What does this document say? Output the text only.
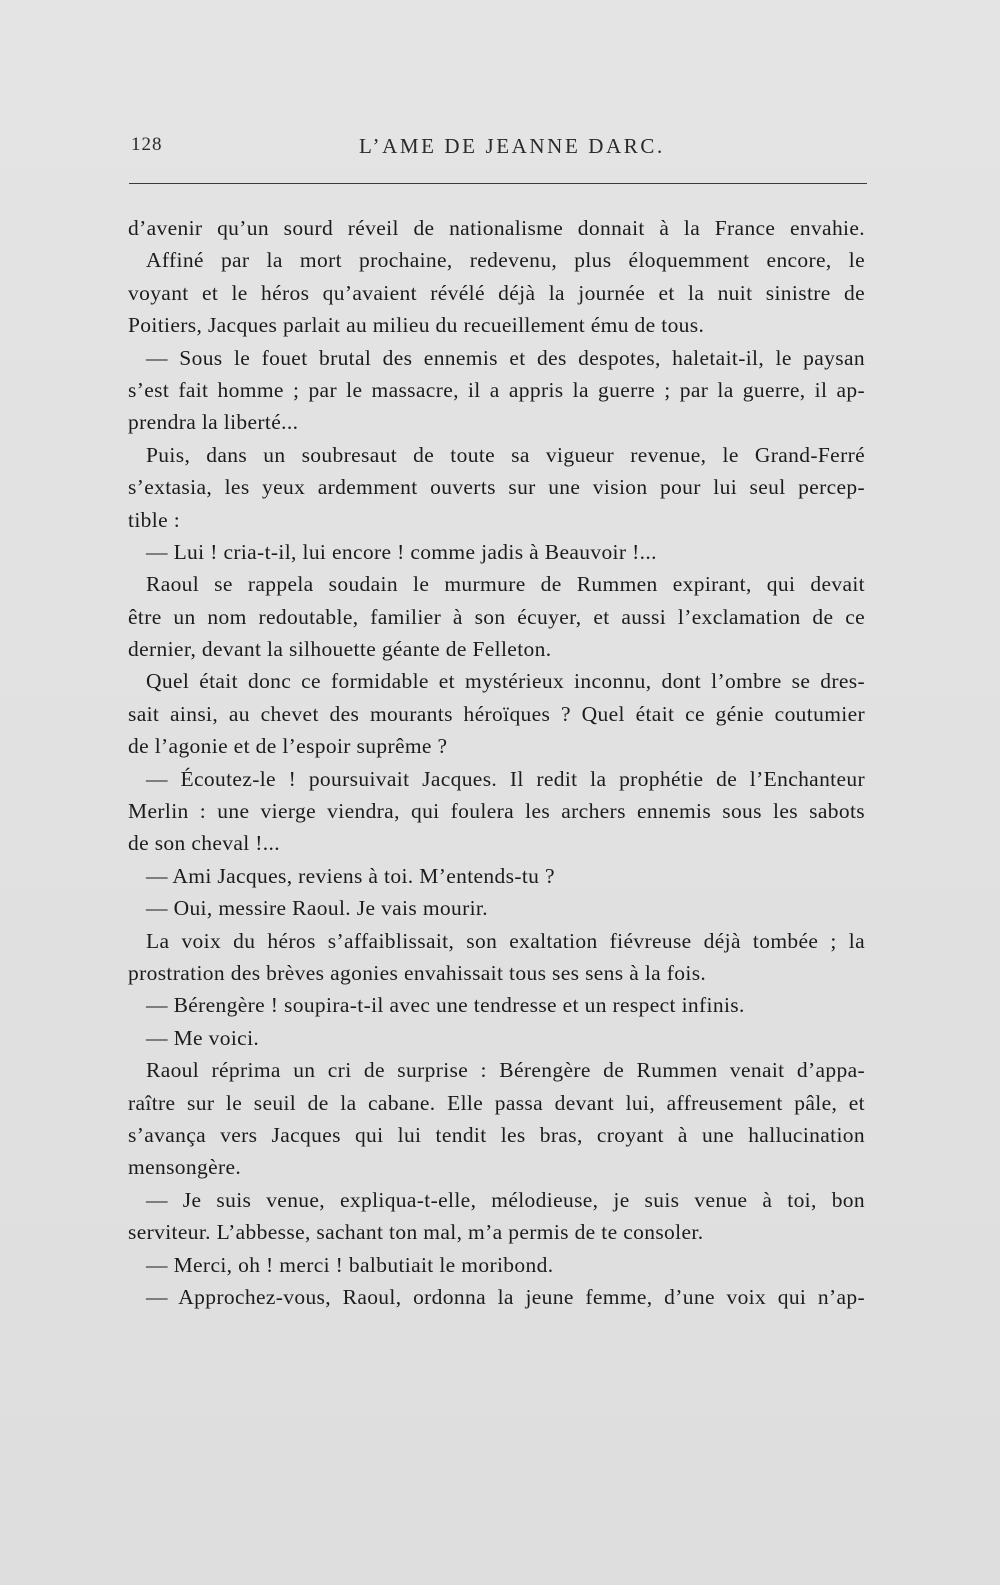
128	L’AME DE JEANNE DARC.
d’avenir qu’un sourd réveil de nationalisme donnait à la France envahie.
Affiné par la mort prochaine, redevenu, plus éloquemment encore, le
voyant et le héros qu’avaient révélé déjà la journée et la nuit sinistre de
Poitiers, Jacques parlait au milieu du recueillement ému de tous.
— Sous le fouet brutal des ennemis et des despotes, haletait-il, le paysan
s’est fait homme ; par le massacre, il a appris la guerre ; par la guerre, il ap-
prendra la liberté...
Puis, dans un soubresaut de toute sa vigueur revenue, le Grand-Ferré
s’extasia, les yeux ardemment ouverts sur une vision pour lui seul percep-
tible :
— Lui ! cria-t-il, lui encore ! comme jadis à Beauvoir !...
Raoul se rappela soudain le murmure de Rummen expirant, qui devait
être un nom redoutable, familier à son écuyer, et aussi l’exclamation de ce
dernier, devant la silhouette géante de Felleton.
Quel était donc ce formidable et mystérieux inconnu, dont l’ombre se dres-
sait ainsi, au chevet des mourants héroïques ? Quel était ce génie coutumier
de l’agonie et de l’espoir suprême ?
— Écoutez-le ! poursuivait Jacques. Il redit la prophétie de l’Enchanteur
Merlin : une vierge viendra, qui foulera les archers ennemis sous les sabots
de son cheval !...
— Ami Jacques, reviens à toi. M’entends-tu ?
— Oui, messire Raoul. Je vais mourir.
La voix du héros s’affaiblissait, son exaltation fiévreuse déjà tombée ; la
prostration des brèves agonies envahissait tous ses sens à la fois.
— Bérengère ! soupira-t-il avec une tendresse et un respect infinis.
— Me voici.
Raoul réprima un cri de surprise : Bérengère de Rummen venait d’appa-
raître sur le seuil de la cabane. Elle passa devant lui, affreusement pâle, et
s’avança vers Jacques qui lui tendit les bras, croyant à une hallucination
mensongère.
— Je suis venue, expliqua-t-elle, mélodieuse, je suis venue à toi, bon
serviteur. L’abbesse, sachant ton mal, m’a permis de te consoler.
— Merci, oh ! merci ! balbutiait le moribond.
— Approchez-vous, Raoul, ordonna la jeune femme, d’une voix qui n’ap-
